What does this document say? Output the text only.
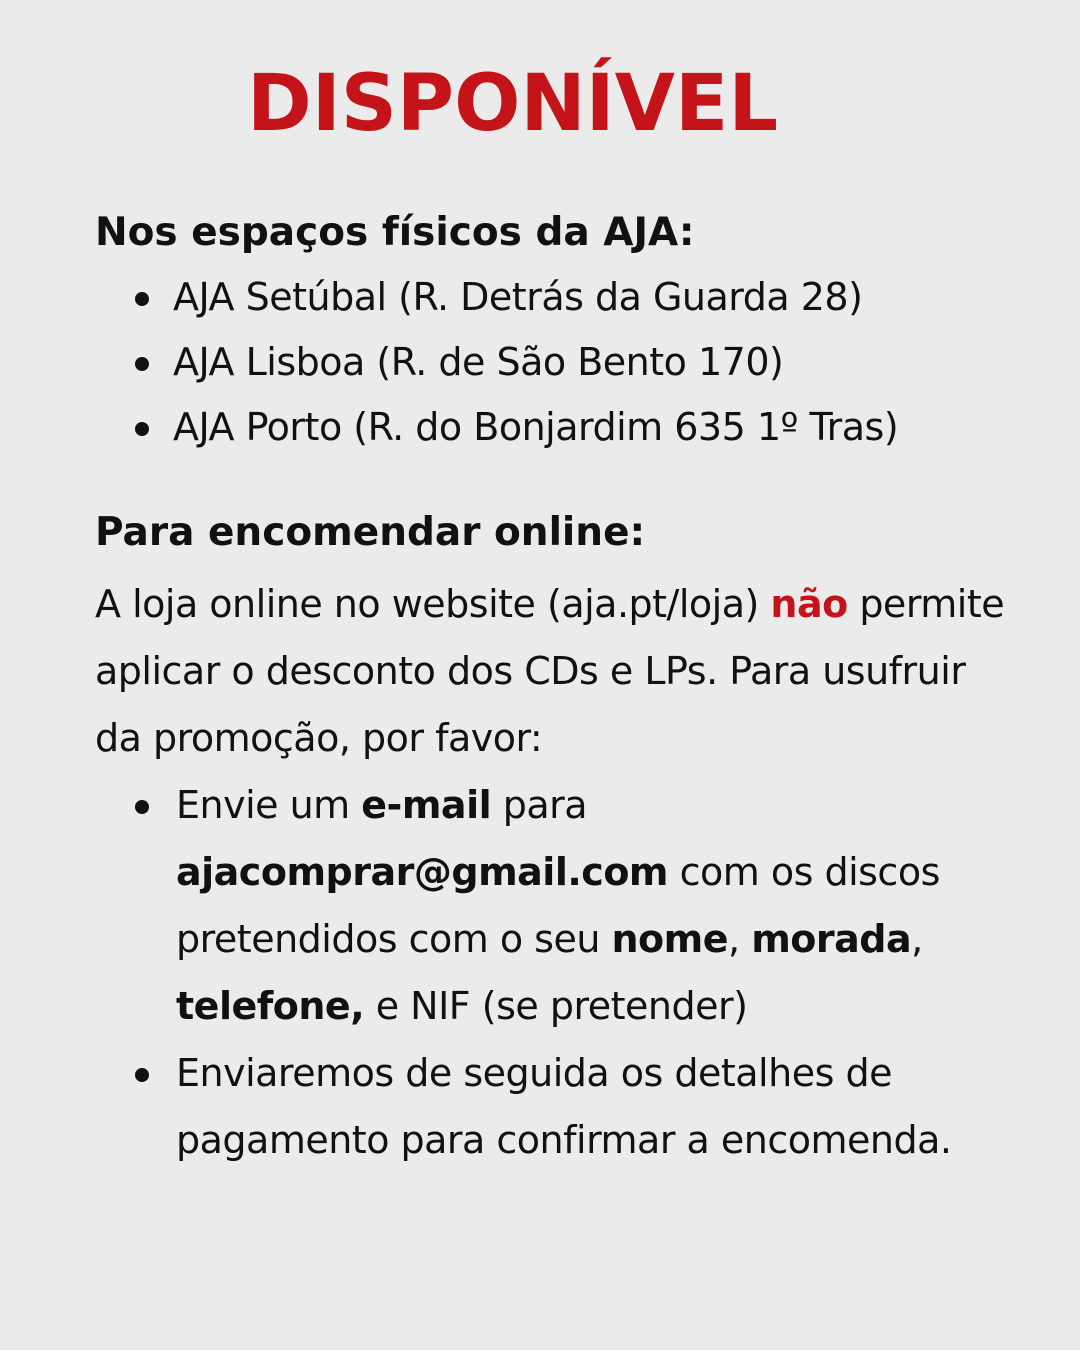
DISPONÍVEL
Nos espaços físicos da AJA:
AJA Setúbal (R. Detrás da Guarda 28)
AJA Lisboa (R. de São Bento 170)
AJA Porto (R. do Bonjardim 635 1º Tras)
Para encomendar online:

A loja online no website (aja.pt/loja) não permite aplicar o desconto dos CDs e LPs. Para usufruir da promoção, por favor:

Envie um e-mail para ajacomprar@gmail.com com os discos pretendidos com o seu nome, morada, telefone, e NIF (se pretender)
Enviaremos de seguida os detalhes de pagamento para confirmar a encomenda.
